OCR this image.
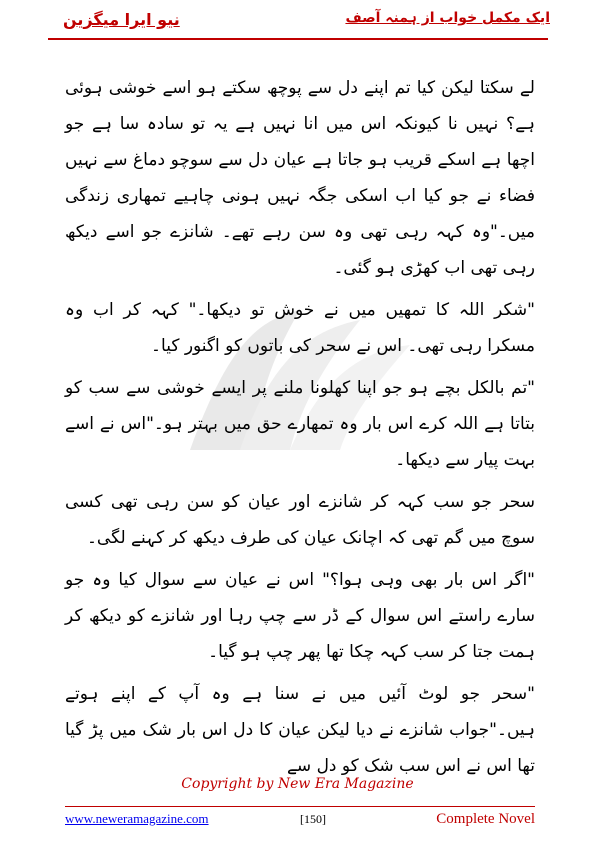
نیو ایرا میگزین	ایک مکمل خواب از ہمنہ آصف

لے سکتا لیکن کیا تم اپنے دل سے پوچھ سکتے ہو اسے خوشی ہوئی ہے؟ نہیں نا کیونکہ اس میں انا نہیں ہے یہ تو سادہ سا ہے جو اچھا ہے اسکے قریب ہو جاتا ہے عیان دل سے سوچو دماغ سے نہیں فضاء نے جو کیا اب اسکی جگہ نہیں ہونی چاہیے تمھاری زندگی میں۔"وہ کہہ رہی تھی وہ سن رہے تھے۔ شانزے جو اسے دیکھ رہی تھی اب کھڑی ہو گئی۔

"شکر اللہ کا تمھیں میں نے خوش تو دیکھا۔" کہہ کر اب وہ مسکرا رہی تھی۔ اس نے سحر کی باتوں کو اگنور کیا۔

"تم بالکل بچے ہو جو اپنا کھلونا ملنے پر ایسے خوشی سے سب کو بتاتا ہے اللہ کرے اس بار وہ تمھارے حق میں بہتر ہو۔"اس نے اسے بہت پیار سے دیکھا۔

سحر جو سب کہہ کر شانزے اور عیان کو سن رہی تھی کسی سوچ میں گم تھی کہ اچانک عیان کی طرف دیکھ کر کہنے لگی۔

"اگر اس بار بھی وہی ہوا؟" اس نے عیان سے سوال کیا وہ جو سارے راستے اس سوال کے ڈر سے چپ رہا اور شانزے کو دیکھ کر ہمت جتا کر سب کہہ چکا تھا پھر چپ ہو گیا۔

"سحر جو لوٹ آئیں میں نے سنا ہے وہ آپ کے اپنے ہوتے ہیں۔"جواب شانزے نے دیا لیکن عیان کا دل اس بار شک میں پڑ گیا تھا اس نے اس سب شک کو دل سے

Copyright by New Era Magazine
www.neweramagazine.com	[150]	Complete Novel
